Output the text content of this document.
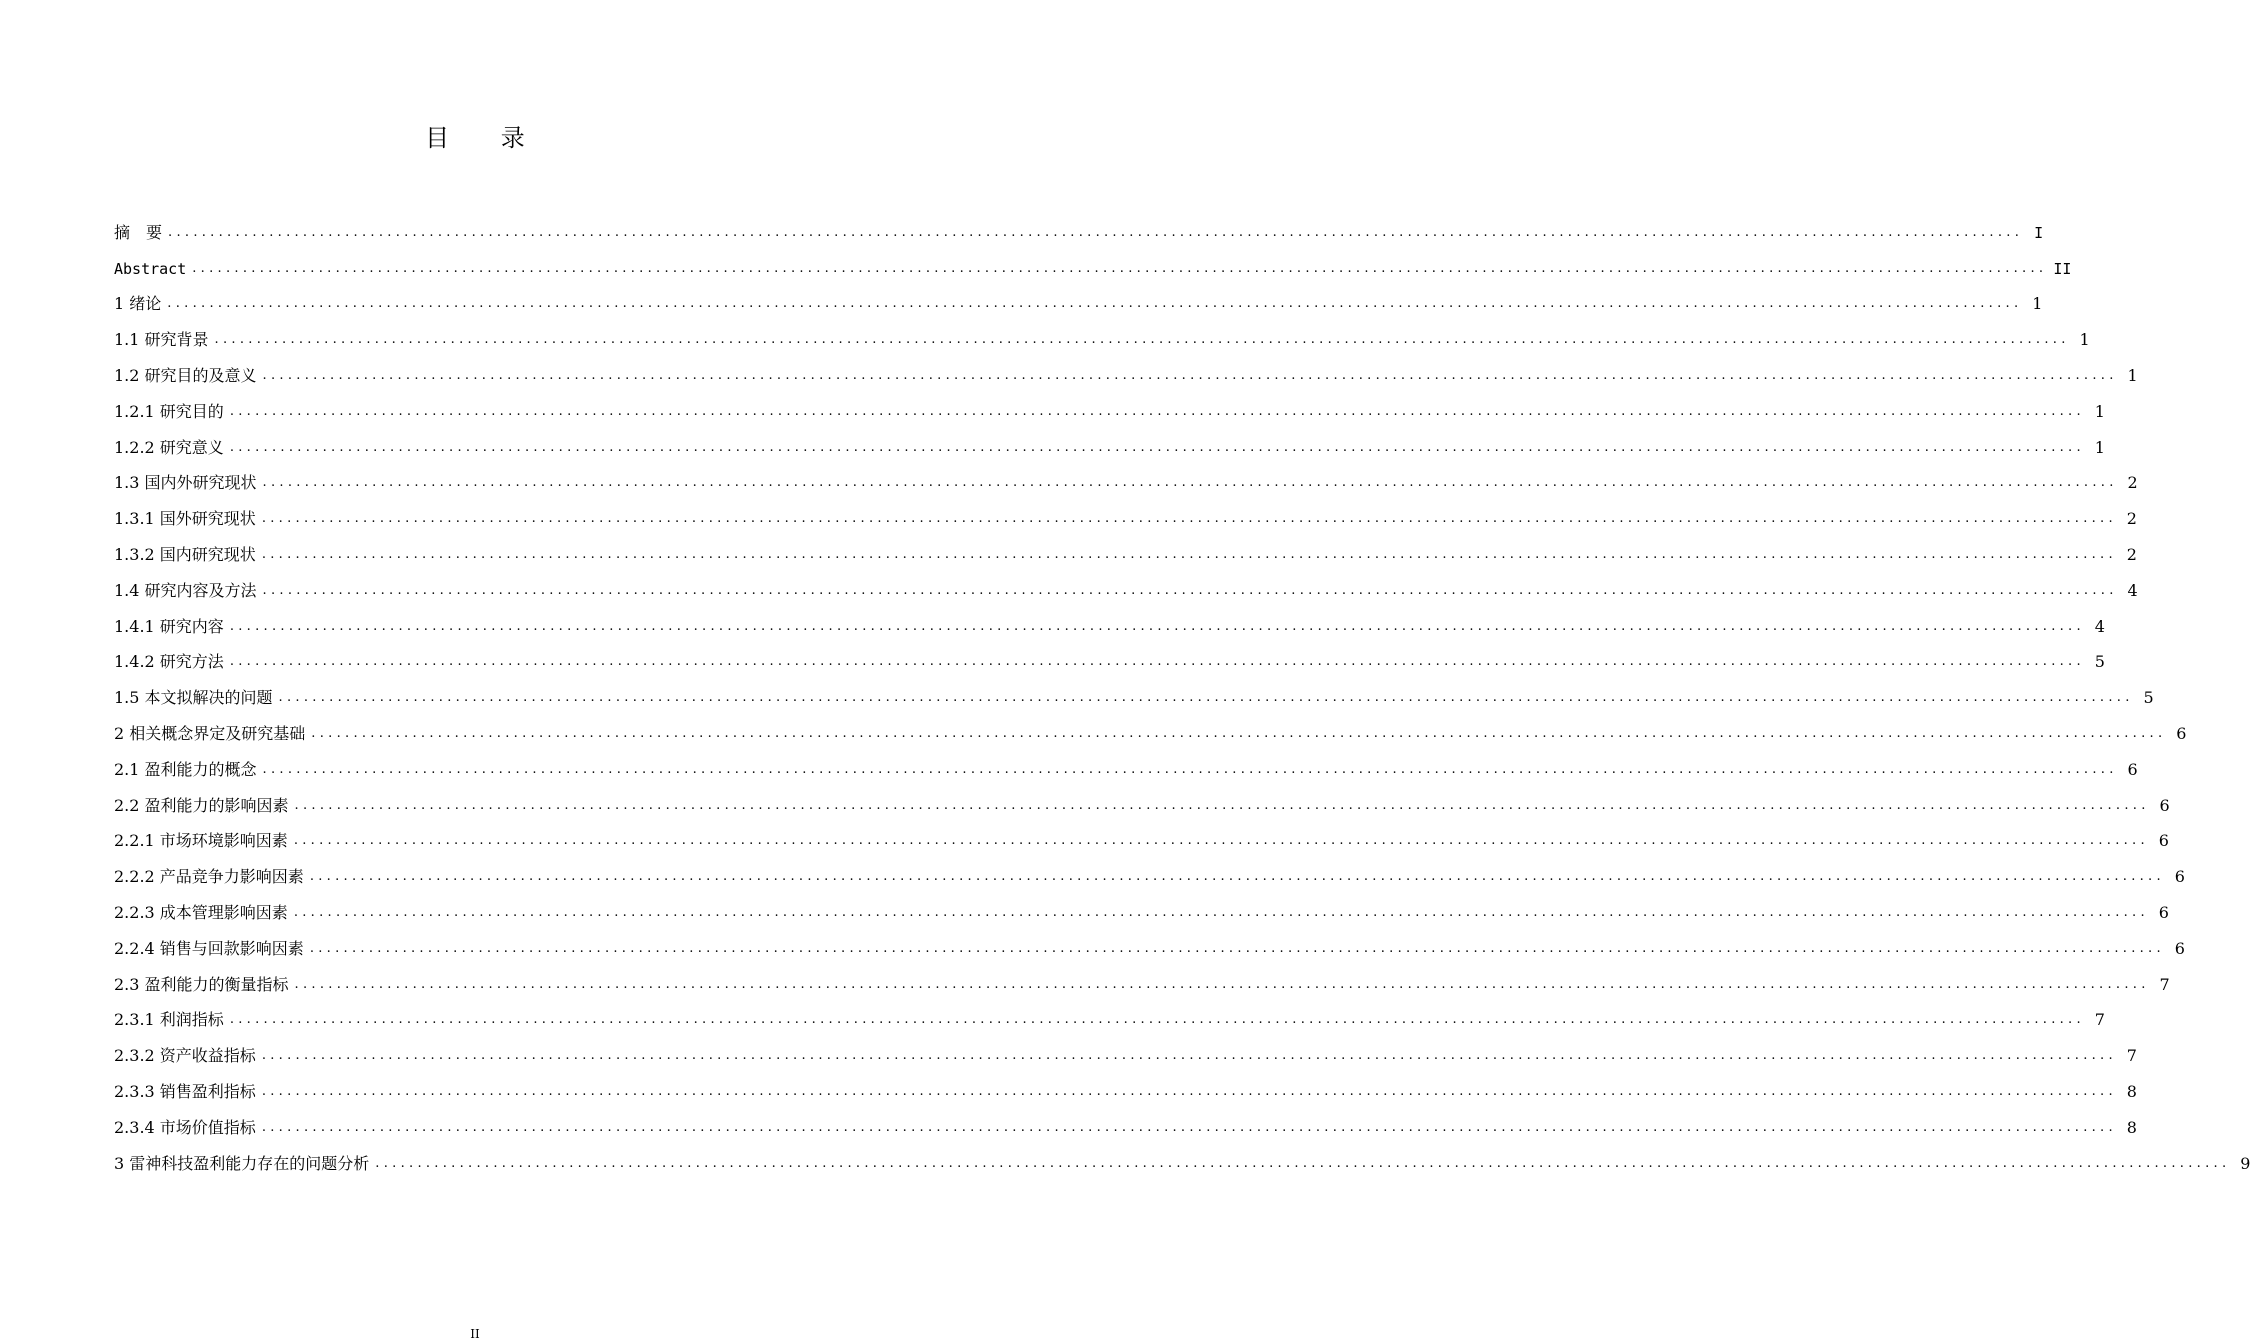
目 录
摘　要 ............................................................................................................................................................................................................................ I
Abstract ............................................................................................................................................................................................................................ II
1 绪论 ............................................................................................................................................................................................................................ 1
1.1 研究背景 ............................................................................................................................................................................................................................ 1
1.2 研究目的及意义 ............................................................................................................................................................................................................................ 1
1.2.1 研究目的 ............................................................................................................................................................................................................................ 1
1.2.2 研究意义 ............................................................................................................................................................................................................................ 1
1.3 国内外研究现状 ............................................................................................................................................................................................................................ 2
1.3.1 国外研究现状 ............................................................................................................................................................................................................................ 2
1.3.2 国内研究现状 ............................................................................................................................................................................................................................ 2
1.4 研究内容及方法 ............................................................................................................................................................................................................................ 4
1.4.1 研究内容 ............................................................................................................................................................................................................................ 4
1.4.2 研究方法 ............................................................................................................................................................................................................................ 5
1.5 本文拟解决的问题 ............................................................................................................................................................................................................................ 5
2 相关概念界定及研究基础 ............................................................................................................................................................................................................................ 6
2.1 盈利能力的概念 ............................................................................................................................................................................................................................ 6
2.2 盈利能力的影响因素 ............................................................................................................................................................................................................................ 6
2.2.1 市场环境影响因素 ............................................................................................................................................................................................................................ 6
2.2.2 产品竞争力影响因素 ............................................................................................................................................................................................................................ 6
2.2.3 成本管理影响因素 ............................................................................................................................................................................................................................ 6
2.2.4 销售与回款影响因素 ............................................................................................................................................................................................................................ 6
2.3 盈利能力的衡量指标 ............................................................................................................................................................................................................................ 7
2.3.1 利润指标 ............................................................................................................................................................................................................................ 7
2.3.2 资产收益指标 ............................................................................................................................................................................................................................ 7
2.3.3 销售盈利指标 ............................................................................................................................................................................................................................ 8
2.3.4 市场价值指标 ............................................................................................................................................................................................................................ 8
3 雷神科技盈利能力存在的问题分析 ............................................................................................................................................................................................................................ 9
II
